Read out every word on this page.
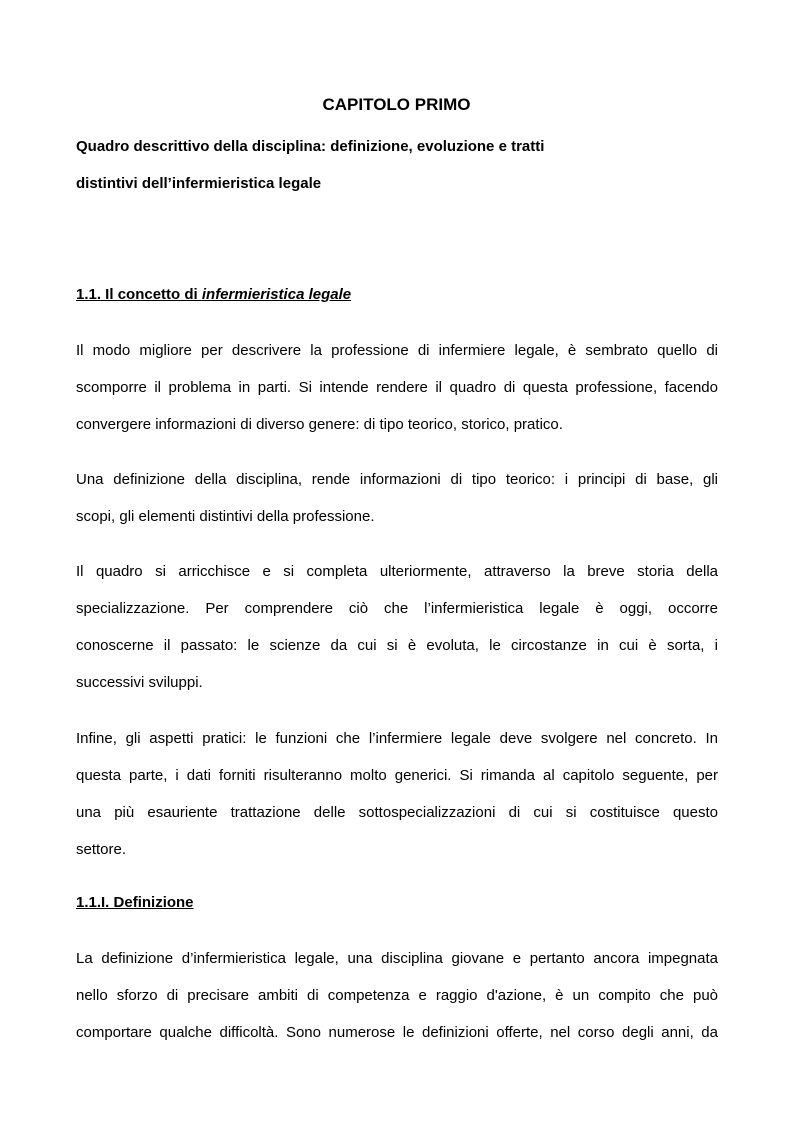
CAPITOLO PRIMO

Quadro descrittivo della disciplina: definizione, evoluzione e tratti

distintivi dell’infermieristica legale

1.1. Il concetto di infermieristica legale
Il modo migliore per descrivere la professione di infermiere legale, è sembrato quello di
scomporre il problema in parti. Si intende rendere il quadro di questa professione, facendo
convergere informazioni di diverso genere: di tipo teorico, storico, pratico.
Una definizione della disciplina, rende informazioni di tipo teorico: i principi di base, gli
scopi, gli elementi distintivi della professione.
Il quadro si arricchisce e si completa ulteriormente, attraverso la breve storia della
specializzazione. Per comprendere ciò che l’infermieristica legale è oggi, occorre
conoscerne il passato: le scienze da cui si è evoluta, le circostanze in cui è sorta, i
successivi sviluppi.
Infine, gli aspetti pratici: le funzioni che l’infermiere legale deve svolgere nel concreto. In
questa parte, i dati forniti risulteranno molto generici. Si rimanda al capitolo seguente, per
una più esauriente trattazione delle sottospecializzazioni di cui si costituisce questo
settore.
1.1.I. Definizione
La definizione d’infermieristica legale, una disciplina giovane e pertanto ancora impegnata
nello sforzo di precisare ambiti di competenza e raggio d'azione, è un compito che può
comportare qualche difficoltà. Sono numerose le definizioni offerte, nel corso degli anni, da
